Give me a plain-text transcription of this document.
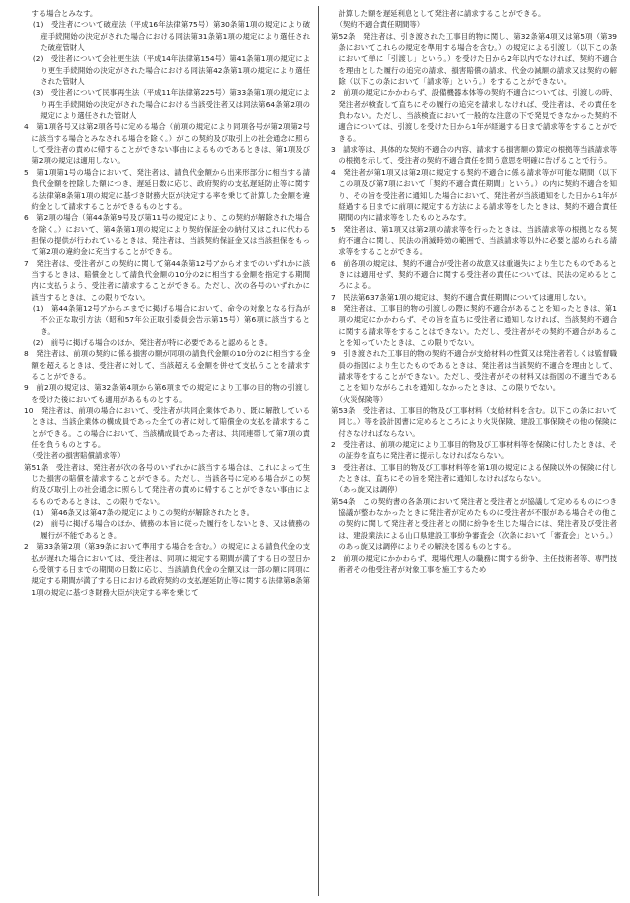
する場合とみなす。
(1)　受注者について破産法（平成16年法律第75号）第30条第1項の規定により破産手続開始の決定がされた場合における同法第31条第1項の規定により選任された破産管財人
(2)　受注者について会社更生法（平成14年法律第154号）第41条第1項の規定により更生手続開始の決定がされた場合における同法第42条第1項の規定により選任された管財人
(3)　受注者について民事再生法（平成11年法律第225号）第33条第1項の規定により再生手続開始の決定がされた場合における当該受注者又は同法第64条第2項の規定により選任された管財人
4　第1項各号又は第2項各号に定める場合（前項の規定により同項各号が第2項第2号に該当する場合とみなされる場合を除く。）がこの契約及び取引上の社会通念に照らして受注者の責めに帰することができない事由によるものであるときは、第1項及び第2項の規定は適用しない。
5　第1項第1号の場合において、発注者は、請負代金額から出来形部分に相当する請負代金額を控除した額につき、遅延日数に応じ、政府契約の支払遅延防止等に関する法律第8条第1項の規定に基づき財務大臣が決定する率を乗じて計算した金額を違約金として請求することができるものとする。
6　第2項の場合（第44条第9号及び第11号の規定により、この契約が解除された場合を除く。）において、第4条第1項の規定により契約保証金の納付又はこれに代わる担保の提供が行われているときは、発注者は、当該契約保証金又は当該担保をもって第2項の違約金に充当することができる。
7　発注者は、受注者がこの契約に関して第44条第12号アからオまでのいずれかに該当するときは、賠償金として請負代金額の10分の2に相当する金額を指定する期間内に支払うよう、受注者に請求することができる。ただし、次の各号のいずれかに該当するときは、この限りでない。
(1)　第44条第12号アからエまでに掲げる場合において、命令の対象となる行為が不公正な取引方法（昭和57年公正取引委員会告示第15号）第6項に該当するとき。
(2)　前号に掲げる場合のほか、発注者が特に必要であると認めるとき。
8　発注者は、前項の契約に係る損害の額が同項の請負代金額の10分の2に相当する金額を超えるときは、受注者に対して、当該超える金額を併せて支払うことを請求することができる。
9　前2項の規定は、第32条第4項から第6項までの規定により工事の目的物の引渡しを受けた後においても適用があるものとする。
10　発注者は、前項の場合において、受注者が共同企業体であり、既に解散しているときは、当該企業体の構成員であった全ての者に対して賠償金の支払を請求することができる。この場合において、当該構成員であった者は、共同連帯して第7項の責任を負うものとする。
（受注者の損害賠償請求等）
第51条　受注者は、発注者が次の各号のいずれかに該当する場合は、これによって生じた損害の賠償を請求することができる。ただし、当該各号に定める場合がこの契約及び取引上の社会通念に照らして発注者の責めに帰することができない事由によるものであるときは、この限りでない。
(1)　第46条又は第47条の規定によりこの契約が解除されたとき。
(2)　前号に掲げる場合のほか、債務の本旨に従った履行をしないとき、又は債務の履行が不能であるとき。
2　第33条第2項（第39条において準用する場合を含む。）の規定による請負代金の支払が遅れた場合においては、受注者は、同項に規定する期間が満了する日の翌日から受領する日までの期間の日数に応じ、当該請負代金の全額又は一部の額に同項に規定する期間が満了する日における政府契約の支払遅延防止等に関する法律第8条第1項の規定に基づき財務大臣が決定する率を乗じて
計算した額を遅延利息として発注者に請求することができる。
（契約不適合責任期間等）
第52条　発注者は、引き渡された工事目的物に関し、第32条第4項又は第5項（第39条においてこれらの規定を準用する場合を含む。）の規定による引渡し（以下この条において単に「引渡し」という。）を受けた日から2年以内でなければ、契約不適合を理由とした履行の追完の請求、損害賠償の請求、代金の減額の請求又は契約の解除（以下この条において「請求等」という。）をすることができない。
2　前項の規定にかかわらず、設備機器本体等の契約不適合については、引渡しの時、発注者が検査して直ちにその履行の追完を請求しなければ、受注者は、その責任を負わない。ただし、当該検査において一般的な注意の下で発見できなかった契約不適合については、引渡しを受けた日から1年が経過する日まで請求等をすることができる。
3　請求等は、具体的な契約不適合の内容、請求する損害額の算定の根拠等当該請求等の根拠を示して、受注者の契約不適合責任を問う意思を明確に告げることで行う。
4　発注者が第1項又は第2項に規定する契約不適合に係る請求等が可能な期間（以下この項及び第7項において「契約不適合責任期間」という。）の内に契約不適合を知り、その旨を受注者に通知した場合において、発注者が当該通知をした日から1年が経過する日までに前項に規定する方法による請求等をしたときは、契約不適合責任期間の内に請求等をしたものとみなす。
5　発注者は、第1項又は第2項の請求等を行ったときは、当該請求等の根拠となる契約不適合に関し、民法の消滅時効の範囲で、当該請求等以外に必要と認められる請求等をすることができる。
6　前各項の規定は、契約不適合が受注者の故意又は重過失により生じたものであるときには適用せず、契約不適合に関する受注者の責任については、民法の定めるところによる。
7　民法第637条第1項の規定は、契約不適合責任期間については適用しない。
8　発注者は、工事目的物の引渡しの際に契約不適合があることを知ったときは、第1項の規定にかかわらず、その旨を直ちに受注者に通知しなければ、当該契約不適合に関する請求等をすることはできない。ただし、受注者がその契約不適合があることを知っていたときは、この限りでない。
9　引き渡された工事目的物の契約不適合が支給材料の性質又は発注者若しくは監督職員の指図により生じたものであるときは、発注者は当該契約不適合を理由として、請求等をすることができない。ただし、受注者がその材料又は指図の不適当であることを知りながらこれを通知しなかったときは、この限りでない。
（火災保険等）
第53条　受注者は、工事目的物及び工事材料（支給材料を含む。以下この条において同じ。）等を設計図書に定めるところにより火災保険、建設工事保険その他の保険に付さなければならない。
2　受注者は、前項の規定により工事目的物及び工事材料等を保険に付したときは、その証券を直ちに発注者に提示しなければならない。
3　受注者は、工事目的物及び工事材料等を第1項の規定による保険以外の保険に付したときは、直ちにその旨を発注者に通知しなければならない。
（あっ旋又は調停）
第54条　この契約書の各条項において発注者と受注者とが協議して定めるものにつき協議が整わなかったときに発注者が定めたものに受注者が不服がある場合その他この契約に関して発注者と受注者との間に紛争を生じた場合には、発注者及び受注者は、建設業法による山口県建設工事紛争審査会（次条において「審査会」という。）のあっ旋又は調停によりその解決を図るものとする。
2　前項の規定にかかわらず、現場代理人の職務に関する紛争、主任技術者等、専門技術者その他受注者が対象工事を施工するため
